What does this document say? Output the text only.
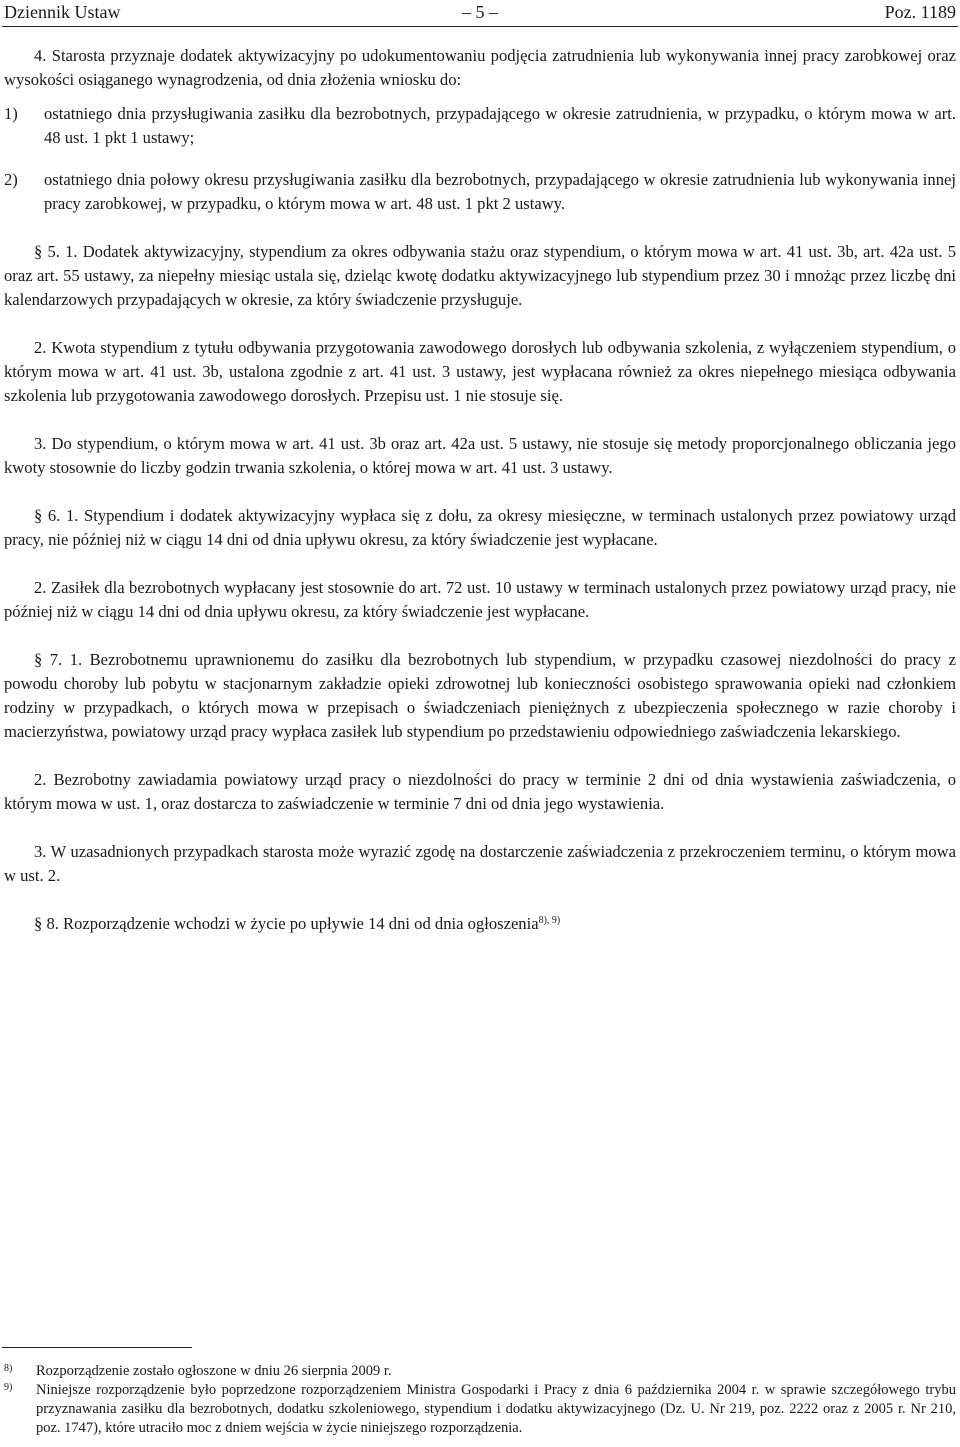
Dziennik Ustaw	– 5 –	Poz. 1189

4. Starosta przyznaje dodatek aktywizacyjny po udokumentowaniu podjęcia zatrudnienia lub wykonywania innej pracy zarobkowej oraz wysokości osiąganego wynagrodzenia, od dnia złożenia wniosku do:

1)	ostatniego dnia przysługiwania zasiłku dla bezrobotnych, przypadającego w okresie zatrudnienia, w przypadku, o którym mowa w art. 48 ust. 1 pkt 1 ustawy;
2)	ostatniego dnia połowy okresu przysługiwania zasiłku dla bezrobotnych, przypadającego w okresie zatrudnienia lub wykonywania innej pracy zarobkowej, w przypadku, o którym mowa w art. 48 ust. 1 pkt 2 ustawy.

§ 5. 1. Dodatek aktywizacyjny, stypendium za okres odbywania stażu oraz stypendium, o którym mowa w art. 41 ust. 3b, art. 42a ust. 5 oraz art. 55 ustawy, za niepełny miesiąc ustala się, dzieląc kwotę dodatku aktywizacyjnego lub stypendium przez 30 i mnożąc przez liczbę dni kalendarzowych przypadających w okresie, za który świadczenie przysługuje.

2. Kwota stypendium z tytułu odbywania przygotowania zawodowego dorosłych lub odbywania szkolenia, z wyłączeniem stypendium, o którym mowa w art. 41 ust. 3b, ustalona zgodnie z art. 41 ust. 3 ustawy, jest wypłacana również za okres niepełnego miesiąca odbywania szkolenia lub przygotowania zawodowego dorosłych. Przepisu ust. 1 nie stosuje się.

3. Do stypendium, o którym mowa w art. 41 ust. 3b oraz art. 42a ust. 5 ustawy, nie stosuje się metody proporcjonalnego obliczania jego kwoty stosownie do liczby godzin trwania szkolenia, o której mowa w art. 41 ust. 3 ustawy.

§ 6. 1. Stypendium i dodatek aktywizacyjny wypłaca się z dołu, za okresy miesięczne, w terminach ustalonych przez powiatowy urząd pracy, nie później niż w ciągu 14 dni od dnia upływu okresu, za który świadczenie jest wypłacane.

2. Zasiłek dla bezrobotnych wypłacany jest stosownie do art. 72 ust. 10 ustawy w terminach ustalonych przez powiatowy urząd pracy, nie później niż w ciągu 14 dni od dnia upływu okresu, za który świadczenie jest wypłacane.

§ 7. 1. Bezrobotnemu uprawnionemu do zasiłku dla bezrobotnych lub stypendium, w przypadku czasowej niezdolności do pracy z powodu choroby lub pobytu w stacjonarnym zakładzie opieki zdrowotnej lub konieczności osobistego sprawowania opieki nad członkiem rodziny w przypadkach, o których mowa w przepisach o świadczeniach pieniężnych z ubezpieczenia społecznego w razie choroby i macierzyństwa, powiatowy urząd pracy wypłaca zasiłek lub stypendium po przedstawieniu odpowiedniego zaświadczenia lekarskiego.

2. Bezrobotny zawiadamia powiatowy urząd pracy o niezdolności do pracy w terminie 2 dni od dnia wystawienia zaświadczenia, o którym mowa w ust. 1, oraz dostarcza to zaświadczenie w terminie 7 dni od dnia jego wystawienia.

3. W uzasadnionych przypadkach starosta może wyrazić zgodę na dostarczenie zaświadczenia z przekroczeniem terminu, o którym mowa w ust. 2.

§ 8. Rozporządzenie wchodzi w życie po upływie 14 dni od dnia ogłoszenia$^{8), 9)}$

8)	Rozporządzenie zostało ogłoszone w dniu 26 sierpnia 2009 r.
9)	Niniejsze rozporządzenie było poprzedzone rozporządzeniem Ministra Gospodarki i Pracy z dnia 6 października 2004 r. w sprawie szczegółowego trybu przyznawania zasiłku dla bezrobotnych, dodatku szkoleniowego, stypendium i dodatku aktywizacyjnego (Dz. U. Nr 219, poz. 2222 oraz z 2005 r. Nr 210, poz. 1747), które utraciło moc z dniem wejścia w życie niniejszego rozporządzenia.
